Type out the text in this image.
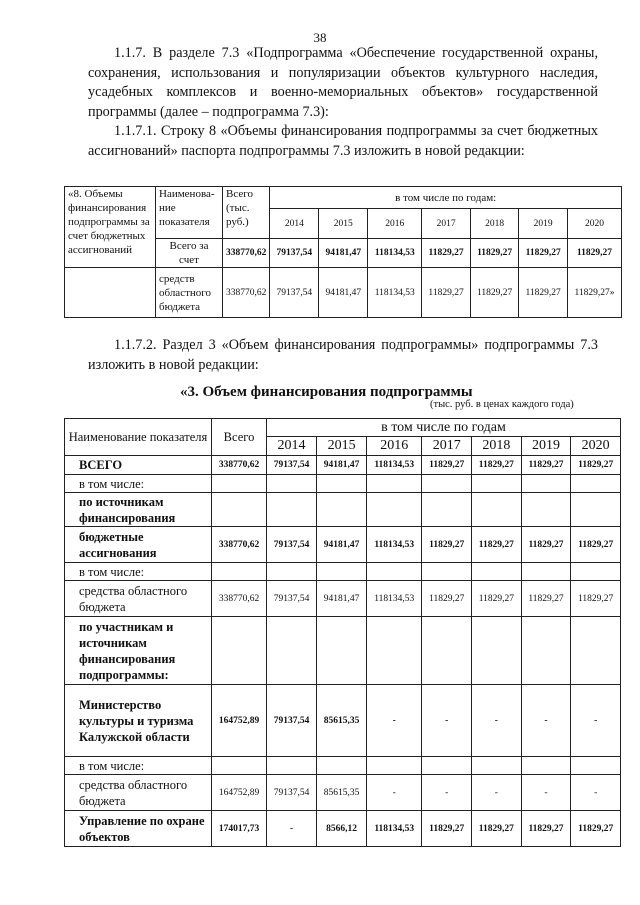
38
1.1.7. В разделе 7.3 «Подпрограмма «Обеспечение государственной охраны, сохранения, использования и популяризации объектов культурного наследия, усадебных комплексов и военно-мемориальных объектов» государственной программы (далее – подпрограмма 7.3):
1.1.7.1. Строку 8 «Объемы финансирования подпрограммы за счет бюджетных ассигнований» паспорта подпрограммы 7.3 изложить в новой редакции:
«8. Объемы финансирования подпрограммы за счет бюджетных ассигнований	Наименова-ние показателя	Всего (тыс. руб.)	в том числе по годам:						
			2014	2015	2016	2017	2018	2019	2020
	Всего за счет	338770,62	79137,54	94181,47	118134,53	11829,27	11829,27	11829,27	11829,27
	средств областного бюджета	338770,62	79137,54	94181,47	118134,53	11829,27	11829,27	11829,27	11829,27»
1.1.7.2. Раздел 3 «Объем финансирования подпрограммы» подпрограммы 7.3 изложить в новой редакции:
«3. Объем финансирования подпрограммы
(тыс. руб. в ценах каждого года)
Наименование показателя	Всего	в том числе по годам						
		2014	2015	2016	2017	2018	2019	2020
ВСЕГО	338770,62	79137,54	94181,47	118134,53	11829,27	11829,27	11829,27	11829,27
в том числе:								
по источникам финансирования								
бюджетные ассигнования	338770,62	79137,54	94181,47	118134,53	11829,27	11829,27	11829,27	11829,27
в том числе:								
средства областного бюджета	338770,62	79137,54	94181,47	118134,53	11829,27	11829,27	11829,27	11829,27
по участникам и источникам финансирования подпрограммы:								
Министерство культуры и туризма Калужской области	164752,89	79137,54	85615,35	-	-	-	-	-
в том числе:								
средства областного бюджета	164752,89	79137,54	85615,35	-	-	-	-	-
Управление по охране объектов	174017,73	-	8566,12	118134,53	11829,27	11829,27	11829,27	11829,27
